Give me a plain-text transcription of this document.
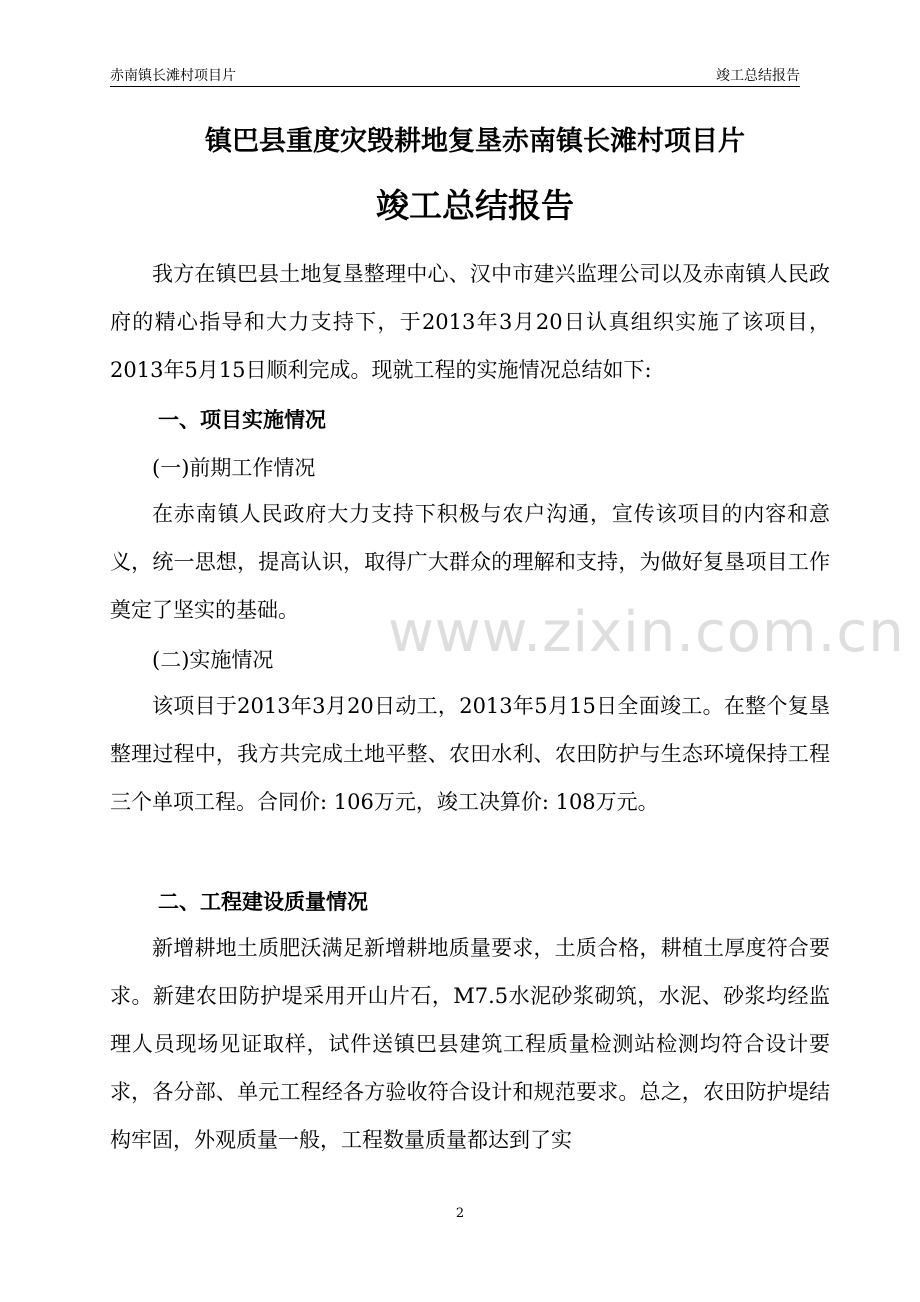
赤南镇长滩村项目片	竣工总结报告
镇巴县重度灾毁耕地复垦赤南镇长滩村项目片
竣工总结报告

我方在镇巴县土地复垦整理中心、汉中市建兴监理公司以及赤南镇人民政府的精心指导和大力支持下，于2013年3月20日认真组织实施了该项目，2013年5月15日顺利完成。现就工程的实施情况总结如下:

一、项目实施情况

(一)前期工作情况

在赤南镇人民政府大力支持下积极与农户沟通，宣传该项目的内容和意义，统一思想，提高认识，取得广大群众的理解和支持，为做好复垦项目工作奠定了坚实的基础。

(二)实施情况

该项目于2013年3月20日动工，2013年5月15日全面竣工。在整个复垦整理过程中，我方共完成土地平整、农田水利、农田防护与生态环境保持工程三个单项工程。合同价: 106万元，竣工决算价: 108万元。

二、工程建设质量情况

新增耕地土质肥沃满足新增耕地质量要求，土质合格，耕植土厚度符合要求。新建农田防护堤采用开山片石，M7.5水泥砂浆砌筑，水泥、砂浆均经监理人员现场见证取样，试件送镇巴县建筑工程质量检测站检测均符合设计要求，各分部、单元工程经各方验收符合设计和规范要求。总之，农田防护堤结构牢固，外观质量一般，工程数量质量都达到了实

www.zixin.com.cn
2
